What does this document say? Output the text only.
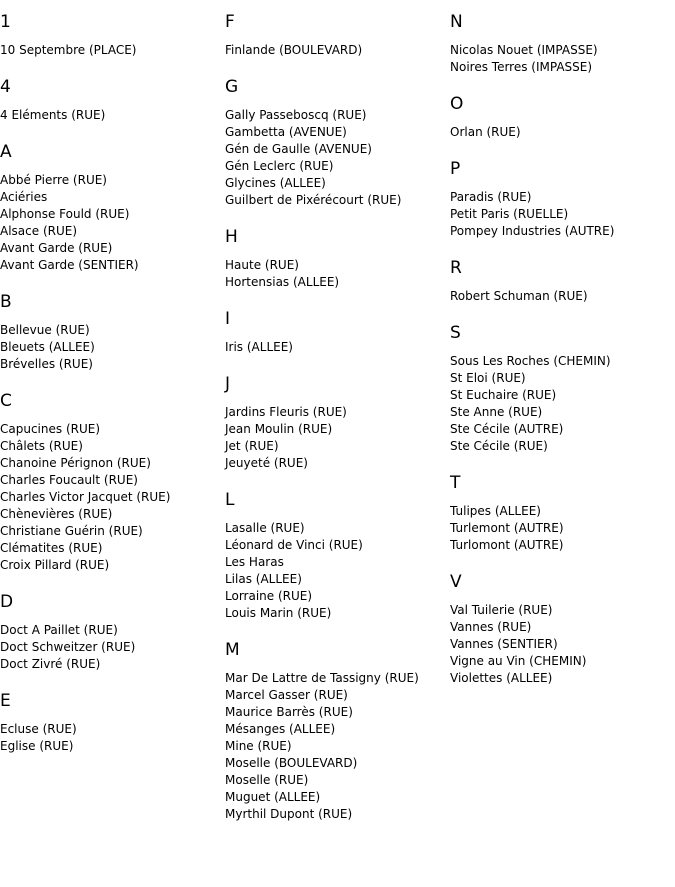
1
10 Septembre (PLACE)
4
4 Eléments (RUE)
A
Abbé Pierre (RUE)
Aciéries
Alphonse Fould (RUE)
Alsace (RUE)
Avant Garde (RUE)
Avant Garde (SENTIER)
B
Bellevue (RUE)
Bleuets (ALLEE)
Brévelles (RUE)
C
Capucines (RUE)
Châlets (RUE)
Chanoine Pérignon (RUE)
Charles Foucault (RUE)
Charles Victor Jacquet (RUE)
Chènevières (RUE)
Christiane Guérin (RUE)
Clématites (RUE)
Croix Pillard (RUE)
D
Doct A Paillet (RUE)
Doct Schweitzer (RUE)
Doct Zivré (RUE)
E
Ecluse (RUE)
Eglise (RUE)
F
Finlande (BOULEVARD)
G
Gally Passeboscq (RUE)
Gambetta (AVENUE)
Gén de Gaulle (AVENUE)
Gén Leclerc (RUE)
Glycines (ALLEE)
Guilbert de Pixérécourt (RUE)
H
Haute (RUE)
Hortensias (ALLEE)
I
Iris (ALLEE)
J
Jardins Fleuris (RUE)
Jean Moulin (RUE)
Jet (RUE)
Jeuyeté (RUE)
L
Lasalle (RUE)
Léonard de Vinci (RUE)
Les Haras
Lilas (ALLEE)
Lorraine (RUE)
Louis Marin (RUE)
M
Mar De Lattre de Tassigny (RUE)
Marcel Gasser (RUE)
Maurice Barrès (RUE)
Mésanges (ALLEE)
Mine (RUE)
Moselle (BOULEVARD)
Moselle (RUE)
Muguet (ALLEE)
Myrthil Dupont (RUE)
N
Nicolas Nouet (IMPASSE)
Noires Terres (IMPASSE)
O
Orlan (RUE)
P
Paradis (RUE)
Petit Paris (RUELLE)
Pompey Industries (AUTRE)
R
Robert Schuman (RUE)
S
Sous Les Roches (CHEMIN)
St Eloi (RUE)
St Euchaire (RUE)
Ste Anne (RUE)
Ste Cécile (AUTRE)
Ste Cécile (RUE)
T
Tulipes (ALLEE)
Turlemont (AUTRE)
Turlomont (AUTRE)
V
Val Tuilerie (RUE)
Vannes (RUE)
Vannes (SENTIER)
Vigne au Vin (CHEMIN)
Violettes (ALLEE)
